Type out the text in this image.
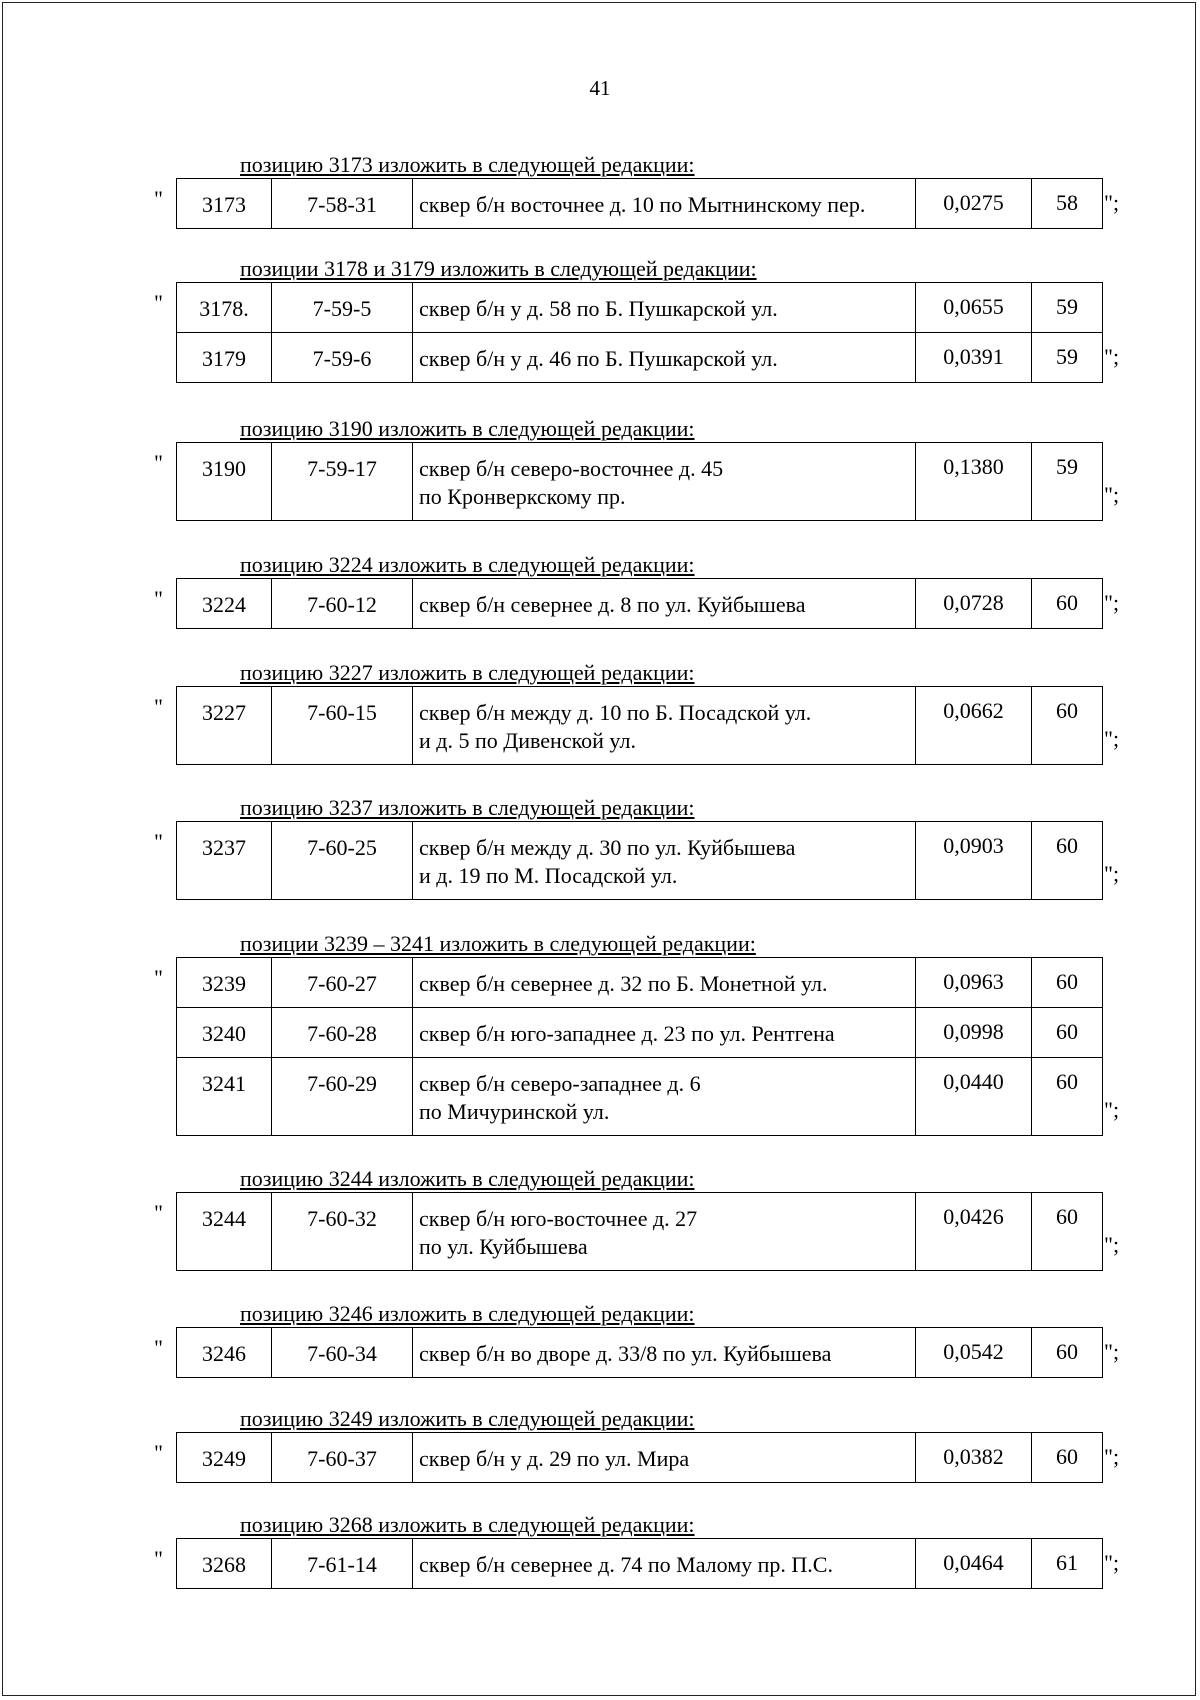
41
позицию 3173 изложить в следующей редакции:
" 3173	7-58-31	сквер б/н восточнее д. 10 по Мытнинскому пер.	0,0275	58 ";
позиции 3178 и 3179 изложить в следующей редакции:
" 3178.	7-59-5	сквер б/н у д. 58 по Б. Пушкарской ул.	0,0655	59
3179	7-59-6	сквер б/н у д. 46 по Б. Пушкарской ул.	0,0391	59 ";
позицию 3190 изложить в следующей редакции:
" 3190	7-59-17	сквер б/н северо-восточнее д. 45
по Кронверкскому пр.
	0,1380	59
";
позицию 3224 изложить в следующей редакции:
" 3224	7-60-12	сквер б/н севернее д. 8 по ул. Куйбышева	0,0728	60 ";
позицию 3227 изложить в следующей редакции:
" 3227	7-60-15	сквер б/н между д. 10 по Б. Посадской ул.
и д. 5 по Дивенской ул.
	0,0662	60
";
позицию 3237 изложить в следующей редакции:
" 3237	7-60-25	сквер б/н между д. 30 по ул. Куйбышева
и д. 19 по М. Посадской ул.
	0,0903	60
";
позиции 3239 – 3241 изложить в следующей редакции:
" 3239	7-60-27	сквер б/н севернее д. 32 по Б. Монетной ул.	0,0963	60
3240	7-60-28	сквер б/н юго-западнее д. 23 по ул. Рентгена	0,0998	60
3241	7-60-29	сквер б/н северо-западнее д. 6
по Мичуринской ул.	0,0440	60
";
позицию 3244 изложить в следующей редакции:
" 3244	7-60-32	сквер б/н юго-восточнее д. 27
по ул. Куйбышева
	0,0426	60
";
позицию 3246 изложить в следующей редакции:
" 3246	7-60-34	сквер б/н во дворе д. 33/8 по ул. Куйбышева	0,0542	60 ";
позицию 3249 изложить в следующей редакции:
" 3249	7-60-37	сквер б/н у д. 29 по ул. Мира	0,0382	60 ";
позицию 3268 изложить в следующей редакции:
" 3268	7-61-14	сквер б/н севернее д. 74 по Малому пр. П.С.	0,0464	61 ";
